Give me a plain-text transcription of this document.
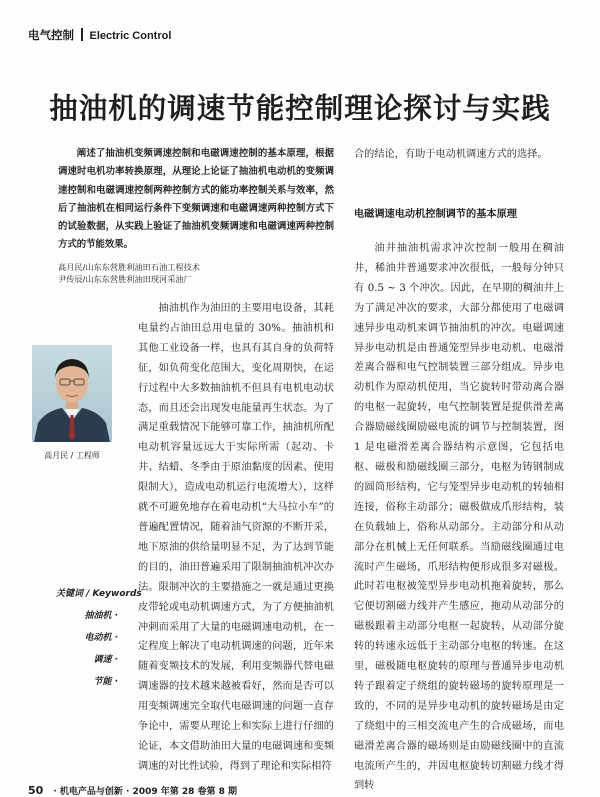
电气控制 Electric Control
抽油机的调速节能控制理论探讨与实践
阐述了抽油机变频调速控制和电磁调速控制的基本原理，根据调速时电机功率转换原理，从理论上论证了抽油机电动机的变频调速控制和电磁调速控制两种控制方式的能功率控制关系与效率，然后了抽油机在相同运行条件下变频调速和电磁调速两种控制方式下的试验数据，从实践上验证了抽油机变频调速和电磁调速两种控制方式的节能效果。
高月民/山东东营胜利油田石油工程技术
尹传辰/山东东营胜利油田现河采油厂
高月民 / 工程师
关键词 / Keywords
抽油机 ·
电动机 ·
调速 ·
节能 ·

抽油机作为油田的主要用电设备，其耗电量约占油田总用电量的 30%。抽油机和其他工业设备一样，也具有其自身的负荷特征，如负荷变化范围大，变化周期快，在运行过程中大多数抽油机不但具有电机电动状态，而且还会出现发电能量再生状态。为了满足重载情况下能够可靠工作，抽油机所配电动机容量远远大于实际所需（起动、卡井、结蜡、冬季由于原油黏度的因素、使用限制大），造成电动机运行电流增大），这样就不可避免地存在着电动机“大马拉小车”的普遍配置情况，随着油气资源的不断开采，地下原油的供给量明显不足，为了达到节能的目的，油田普遍采用了限制抽油机冲次办法。限制冲次的主要措施之一就是通过更换皮带轮或电动机调速方式，为了方便抽油机冲刺而采用了大量的电磁调速电动机，在一定程度上解决了电动机调速的问题，近年来随着变频技术的发展，利用变频器代替电磁调速器的技术越来越被看好，然而是否可以用变频调速完全取代电磁调速的问题一直存争论中，需要从理论上和实际上进行仔细的论证，本文借助油田大量的电磁调速和变频调速的对比性试验，得到了理论和实际相符

合的结论，有助于电动机调速方式的选择。

电磁调速电动机控制调节的基本原理

油井抽油机需求冲次控制一般用在稠油井，稀油井普通要求冲次很低，一般每分钟只有 0.5 ~ 3 个冲次。因此，在早期的稠油井上为了满足冲次的要求，大部分都使用了电磁调速异步电动机来调节抽油机的冲次。电磁调速异步电动机是由普通笼型异步电动机、电磁滑差离合器和电气控制装置三部分组成。异步电动机作为原动机使用，当它旋转时带动离合器的电枢一起旋转，电气控制装置是提供滑差离合器励磁线圈励磁电流的调节与控制装置，图 1 是电磁滑差离合器结构示意图，它包括电枢、磁极和励磁线圈三部分，电枢为铸钢制成的圆筒形结构，它与笼型异步电动机的转轴相连接，俗称主动部分；磁极做成爪形结构，装在负载轴上，俗称从动部分。主动部分和从动部分在机械上无任何联系。当励磁线圈通过电流时产生磁场，爪形结构便形成很多对磁极。此时若电枢被笼型异步电动机拖着旋转，那么它便切割磁力线并产生感应，拖动从动部分的磁极跟着主动部分电枢一起旋转，从动部分旋转的转速永远低于主动部分电枢的转速。在这里，磁极随电枢旋转的原理与普通异步电动机转子跟着定子绕组的旋转磁场的旋转原理是一致的，不同的是异步电动机的旋转磁场是由定了绕组中的三相交流电产生的合成磁场，而电磁滑差离合器的磁场则是由励磁线圈中的直流电流所产生的，并因电枢旋转切割磁力线才得到转

50 · 机电产品与创新 · 2009 年第 28 卷第 8 期
